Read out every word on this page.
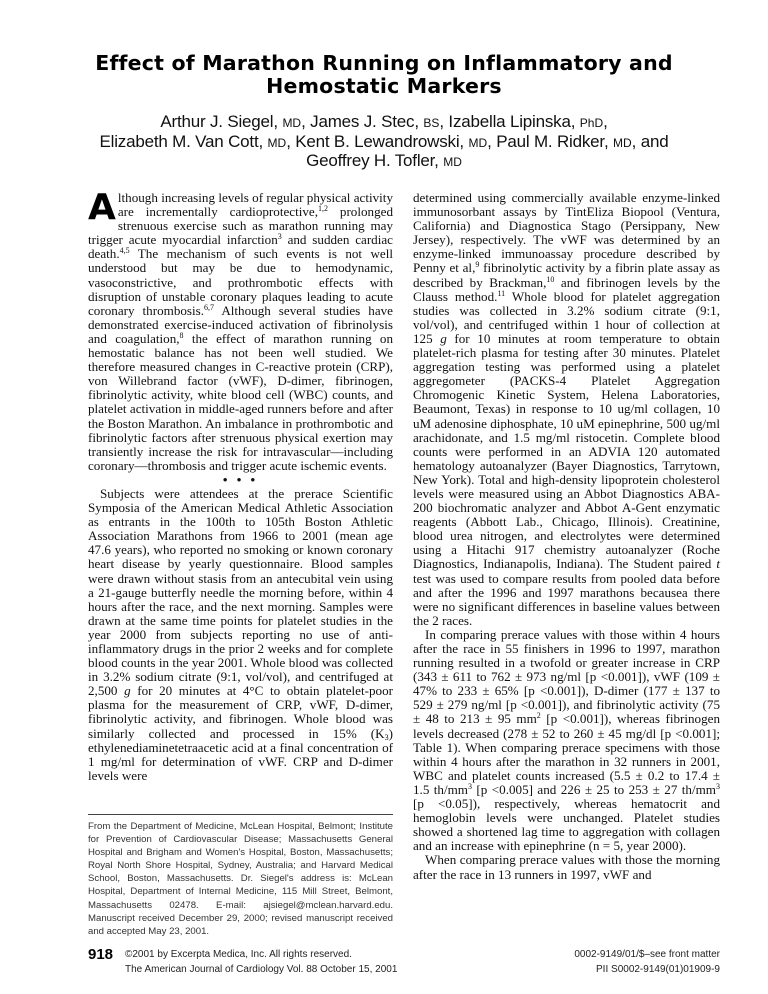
Effect of Marathon Running on Inflammatory and
Hemostatic Markers
Arthur J. Siegel, MD, James J. Stec, BS, Izabella Lipinska, PhD,
Elizabeth M. Van Cott, MD, Kent B. Lewandrowski, MD, Paul M. Ridker, MD, and
Geoffrey H. Tofler, MD
A lthough increasing levels of regular physical activity are incrementally cardioprotective,$^{1,2}$ prolonged strenuous exercise such as marathon running may trigger acute myocardial infarction$^3$ and sudden cardiac death.$^{4,5}$ The mechanism of such events is not well understood but may be due to hemodynamic, vasoconstrictive, and prothrombotic effects with disruption of unstable coronary plaques leading to acute coronary thrombosis.$^{6,7}$ Although several studies have demonstrated exercise-induced activation of fibrinolysis and coagulation,$^8$ the effect of marathon running on hemostatic balance has not been well studied. We therefore measured changes in C-reactive protein (CRP), von Willebrand factor (vWF), D-dimer, fibrinogen, fibrinolytic activity, white blood cell (WBC) counts, and platelet activation in middle-aged runners before and after the Boston Marathon. An imbalance in prothrombotic and fibrinolytic factors after strenuous physical exertion may transiently increase the risk for intravascular—including coronary—thrombosis and trigger acute ischemic events.

• • •

Subjects were attendees at the prerace Scientific Symposia of the American Medical Athletic Association as entrants in the 100th to 105th Boston Athletic Association Marathons from 1966 to 2001 (mean age 47.6 years), who reported no smoking or known coronary heart disease by yearly questionnaire. Blood samples were drawn without stasis from an antecubital vein using a 21-gauge butterfly needle the morning before, within 4 hours after the race, and the next morning. Samples were drawn at the same time points for platelet studies in the year 2000 from subjects reporting no use of anti-inflammatory drugs in the prior 2 weeks and for complete blood counts in the year 2001. Whole blood was collected in 3.2% sodium citrate (9:1, vol/vol), and centrifuged at 2,500 g for 20 minutes at 4°C to obtain platelet-poor plasma for the measurement of CRP, vWF, D-dimer, fibrinolytic activity, and fibrinogen. Whole blood was similarly collected and processed in 15% $(K_3)$ ethylenediaminetetraacetic acid at a final concentration of 1 mg/ml for determination of vWF. CRP and D-dimer levels were

determined using commercially available enzyme-linked immunosorbant assays by TintEliza Biopool (Ventura, California) and Diagnostica Stago (Persippany, New Jersey), respectively. The vWF was determined by an enzyme-linked immunoassay procedure described by Penny et al,$^9$ fibrinolytic activity by a fibrin plate assay as described by Brackman,$^{10}$ and fibrinogen levels by the Clauss method.$^{11}$ Whole blood for platelet aggregation studies was collected in 3.2% sodium citrate (9:1, vol/vol), and centrifuged within 1 hour of collection at 125 g for 10 minutes at room temperature to obtain platelet-rich plasma for testing after 30 minutes. Platelet aggregation testing was performed using a platelet aggregometer (PACKS-4 Platelet Aggregation Chromogenic Kinetic System, Helena Laboratories, Beaumont, Texas) in response to 10 ug/ml collagen, 10 uM adenosine diphosphate, 10 uM epinephrine, 500 ug/ml arachidonate, and 1.5 mg/ml ristocetin. Complete blood counts were performed in an ADVIA 120 automated hematology autoanalyzer (Bayer Diagnostics, Tarrytown, New York). Total and high-density lipoprotein cholesterol levels were measured using an Abbot Diagnostics ABA-200 biochromatic analyzer and Abbot A-Gent enzymatic reagents (Abbott Lab., Chicago, Illinois). Creatinine, blood urea nitrogen, and electrolytes were determined using a Hitachi 917 chemistry autoanalyzer (Roche Diagnostics, Indianapolis, Indiana). The Student paired t test was used to compare results from pooled data before and after the 1996 and 1997 marathons becausea there were no significant differences in baseline values between the 2 races.

In comparing prerace values with those within 4 hours after the race in 55 finishers in 1996 to 1997, marathon running resulted in a twofold or greater increase in CRP (343 ± 611 to 762 ± 973 ng/ml [p <0.001]), vWF (109 ± 47% to 233 ± 65% [p <0.001]), D-dimer (177 ± 137 to 529 ± 279 ng/ml [p <0.001]), and fibrinolytic activity (75 ± 48 to 213 ± 95 $mm^2$ [p <0.001]), whereas fibrinogen levels decreased (278 ± 52 to 260 ± 45 mg/dl [p <0.001]; Table 1). When comparing prerace specimens with those within 4 hours after the marathon in 32 runners in 2001, WBC and platelet counts increased (5.5 ± 0.2 to 17.4 ± 1.5 $th/mm^3$ [p <0.005] and 226 ± 25 to 253 ± 27 $th/mm^3$ [p <0.05]), respectively, whereas hematocrit and hemoglobin levels were unchanged. Platelet studies showed a shortened lag time to aggregation with collagen and an increase with epinephrine (n = 5, year 2000).

When comparing prerace values with those the morning after the race in 13 runners in 1997, vWF and

From the Department of Medicine, McLean Hospital, Belmont; Institute for Prevention of Cardiovascular Disease; Massachusetts General Hospital and Brigham and Women's Hospital, Boston, Massachusetts; Royal North Shore Hospital, Sydney, Australia; and Harvard Medical School, Boston, Massachusetts. Dr. Siegel's address is: McLean Hospital, Department of Internal Medicine, 115 Mill Street, Belmont, Massachusetts 02478. E-mail: ajsiegel@mclean.harvard.edu. Manuscript received December 29, 2000; revised manuscript received and accepted May 23, 2001.
918 ©2001 by Excerpta Medica, Inc. All rights reserved.
The American Journal of Cardiology Vol. 88 October 15, 2001
0002-9149/01/$–see front matter
PII S0002-9149(01)01909-9
